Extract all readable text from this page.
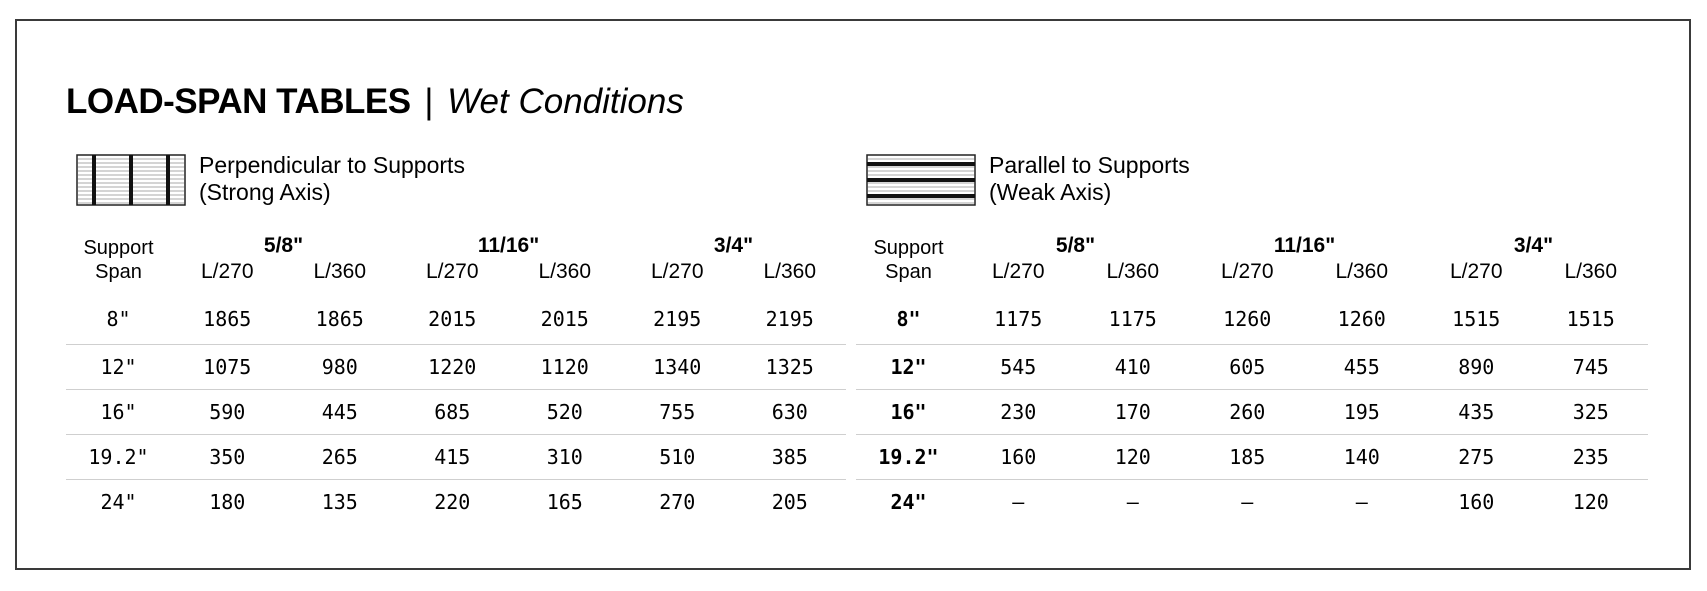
LOAD-SPAN TABLES | Wet Conditions
Perpendicular to Supports
(Strong Axis)
Support
Span	5/8"		11/16"		3/4"	
	L/270	L/360	L/270	L/360	L/270	L/360
8"	1865	1865	2015	2015	2195	2195
12"	1075	980	1220	1120	1340	1325
16"	590	445	685	520	755	630
19.2"	350	265	415	310	510	385
24"	180	135	220	165	270	205
Parallel to Supports
(Weak Axis)
Support
Span	5/8"		11/16"		3/4"	
	L/270	L/360	L/270	L/360	L/270	L/360
8"	1175	1175	1260	1260	1515	1515
12"	545	410	605	455	890	745
16"	230	170	260	195	435	325
19.2"	160	120	185	140	275	235
24"	–	–	–	–	160	120
